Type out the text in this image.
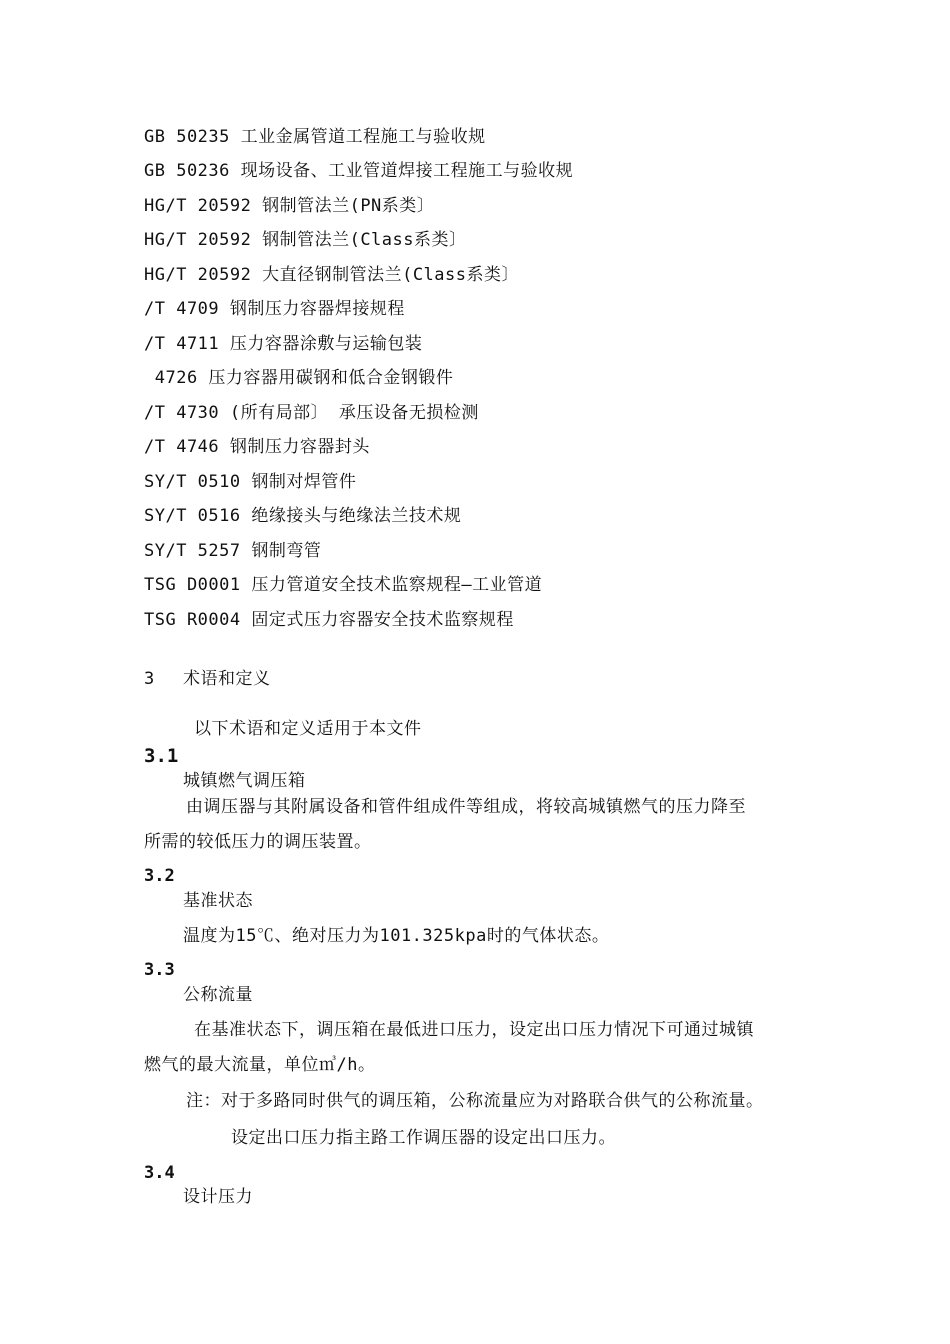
GB 50235 工业金属管道工程施工与验收规
GB 50236 现场设备、工业管道焊接工程施工与验收规
HG/T 20592 钢制管法兰(PN系类〕
HG/T 20592 钢制管法兰(Class系类〕
HG/T 20592 大直径钢制管法兰(Class系类〕
/T 4709 钢制压力容器焊接规程
/T 4711 压力容器涂敷与运输包装
4726 压力容器用碳钢和低合金钢锻件
/T 4730 (所有局部〕 承压设备无损检测
/T 4746 钢制压力容器封头
SY/T 0510 钢制对焊管件
SY/T 0516 绝缘接头与绝缘法兰技术规
SY/T 5257 钢制弯管
TSG D0001 压力管道安全技术监察规程—工业管道
TSG R0004 固定式压力容器安全技术监察规程
3 术语和定义
以下术语和定义适用于本文件
3.1
城镇燃气调压箱
由调压器与其附属设备和管件组成件等组成，将较高城镇燃气的压力降至
所需的较低压力的调压装置。
3.2
基准状态
温度为15℃、绝对压力为101.325kpa时的气体状态。
3.3
公称流量
在基准状态下，调压箱在最低进口压力，设定出口压力情况下可通过城镇
燃气的最大流量，单位㎥/h。
注：对于多路同时供气的调压箱，公称流量应为对路联合供气的公称流量。
设定出口压力指主路工作调压器的设定出口压力。
3.4
设计压力
